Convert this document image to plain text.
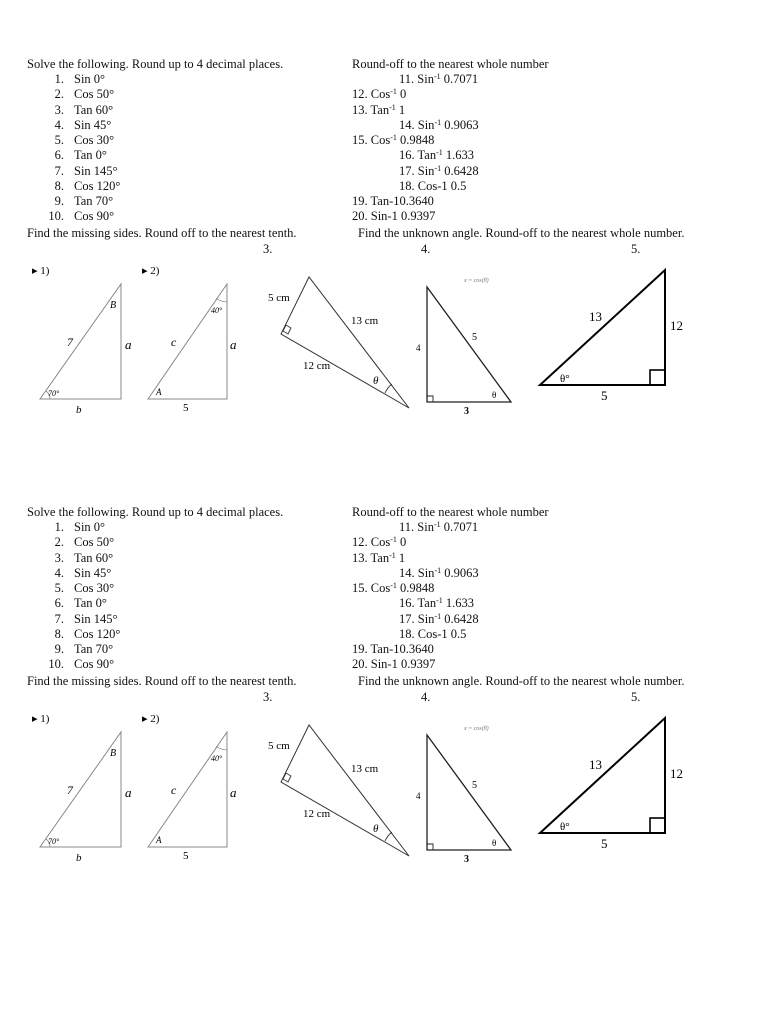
Solve the following. Round up to 4 decimal places.	Round-off to the nearest whole number
1. Sin 0°
2. Cos 50°
3. Tan 60°
4. Sin 45°
5. Cos 30°
6. Tan 0°
7. Sin 145°
8. Cos 120°
9. Tan 70°
10. Cos 90°
11. Sin$^{-1}$ 0.7071
12. Cos$^{-1}$ 0
13. Tan$^{-1}$ 1
14. Sin$^{-1}$ 0.9063
15. Cos$^{-1}$ 0.9848
16. Tan$^{-1}$ 1.633
17. Sin$^{-1}$ 0.6428
18. Cos-1 0.5
19. Tan-10.3640
20. Sin-1 0.9397
Find the missing sides. Round off to the nearest tenth.	Find the unknown angle. Round-off to the nearest whole number.
3.	4.	5.
▸ 1)
7
B
a
70°
b
▸ 2)
c
40°
a
A
5
5 cm
13 cm
12 cm
θ
x = cos(θ)
4
5
3
θ
13
12
5
θ°
Solve the following. Round up to 4 decimal places.	Round-off to the nearest whole number
1. Sin 0°
2. Cos 50°
3. Tan 60°
4. Sin 45°
5. Cos 30°
6. Tan 0°
7. Sin 145°
8. Cos 120°
9. Tan 70°
10. Cos 90°
11. Sin$^{-1}$ 0.7071
12. Cos$^{-1}$ 0
13. Tan$^{-1}$ 1
14. Sin$^{-1}$ 0.9063
15. Cos$^{-1}$ 0.9848
16. Tan$^{-1}$ 1.633
17. Sin$^{-1}$ 0.6428
18. Cos-1 0.5
19. Tan-10.3640
20. Sin-1 0.9397
Find the missing sides. Round off to the nearest tenth.	Find the unknown angle. Round-off to the nearest whole number.
3.	4.	5.
▸ 1)
7
B
a
70°
b
▸ 2)
c
40°
a
A
5
5 cm
13 cm
12 cm
θ
x = cos(θ)
4
5
3
θ
13
12
5
θ°
